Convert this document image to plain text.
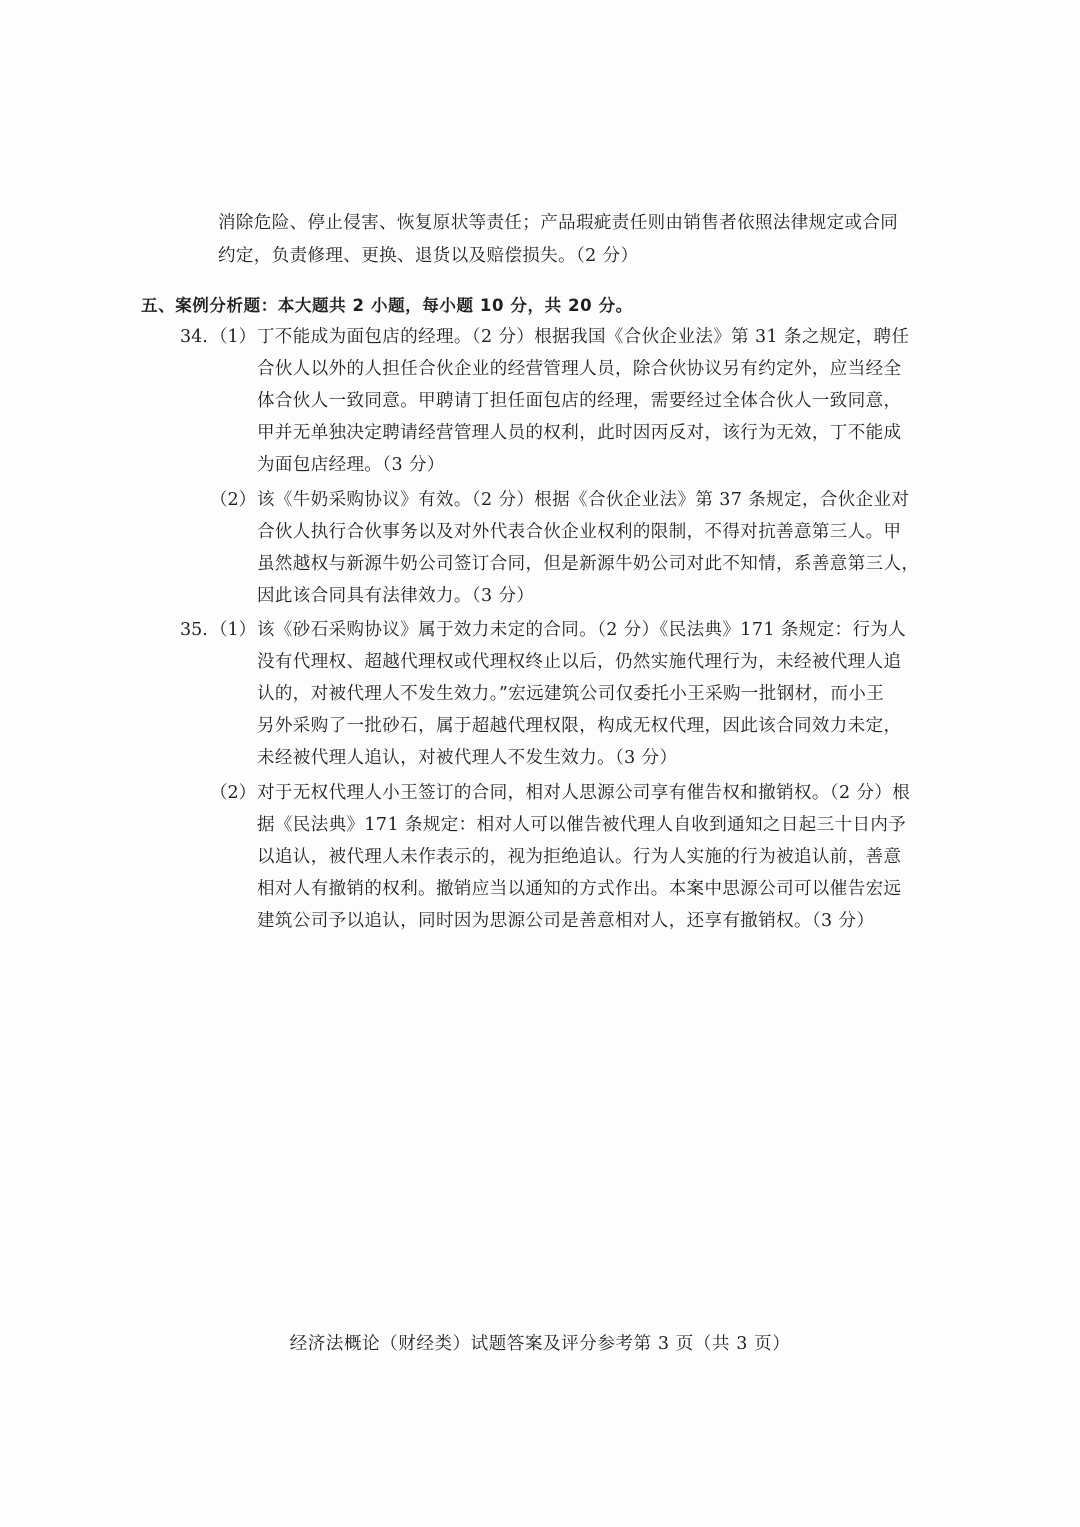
消除危险、停止侵害、恢复原状等责任；产品瑕疵责任则由销售者依照法律规定或合同
约定，负责修理、更换、退货以及赔偿损失。（2 分）
五、案例分析题：本大题共 2 小题，每小题 10 分，共 20 分。
34. （1） 丁不能成为面包店的经理。（2 分）根据我国《合伙企业法》第 31 条之规定，聘任
合伙人以外的人担任合伙企业的经营管理人员，除合伙协议另有约定外，应当经全
体合伙人一致同意。甲聘请丁担任面包店的经理，需要经过全体合伙人一致同意，
甲并无单独决定聘请经营管理人员的权利，此时因丙反对，该行为无效，丁不能成
为面包店经理。（3 分）
（2） 该《牛奶采购协议》有效。（2 分）根据《合伙企业法》第 37 条规定，合伙企业对
合伙人执行合伙事务以及对外代表合伙企业权利的限制，不得对抗善意第三人。甲
虽然越权与新源牛奶公司签订合同，但是新源牛奶公司对此不知情，系善意第三人，
因此该合同具有法律效力。（3 分）
35. （1） 该《砂石采购协议》属于效力未定的合同。（2 分）《民法典》171 条规定：行为人
没有代理权、超越代理权或代理权终止以后，仍然实施代理行为，未经被代理人追
认的，对被代理人不发生效力。”宏远建筑公司仅委托小王采购一批钢材，而小王
另外采购了一批砂石，属于超越代理权限，构成无权代理，因此该合同效力未定，
未经被代理人追认，对被代理人不发生效力。（3 分）
（2） 对于无权代理人小王签订的合同，相对人思源公司享有催告权和撤销权。（2 分）根
据《民法典》171 条规定：相对人可以催告被代理人自收到通知之日起三十日内予
以追认，被代理人未作表示的，视为拒绝追认。行为人实施的行为被追认前，善意
相对人有撤销的权利。撤销应当以通知的方式作出。本案中思源公司可以催告宏远
建筑公司予以追认，同时因为思源公司是善意相对人，还享有撤销权。（3 分）
经济法概论（财经类）试题答案及评分参考第 3 页（共 3 页）
